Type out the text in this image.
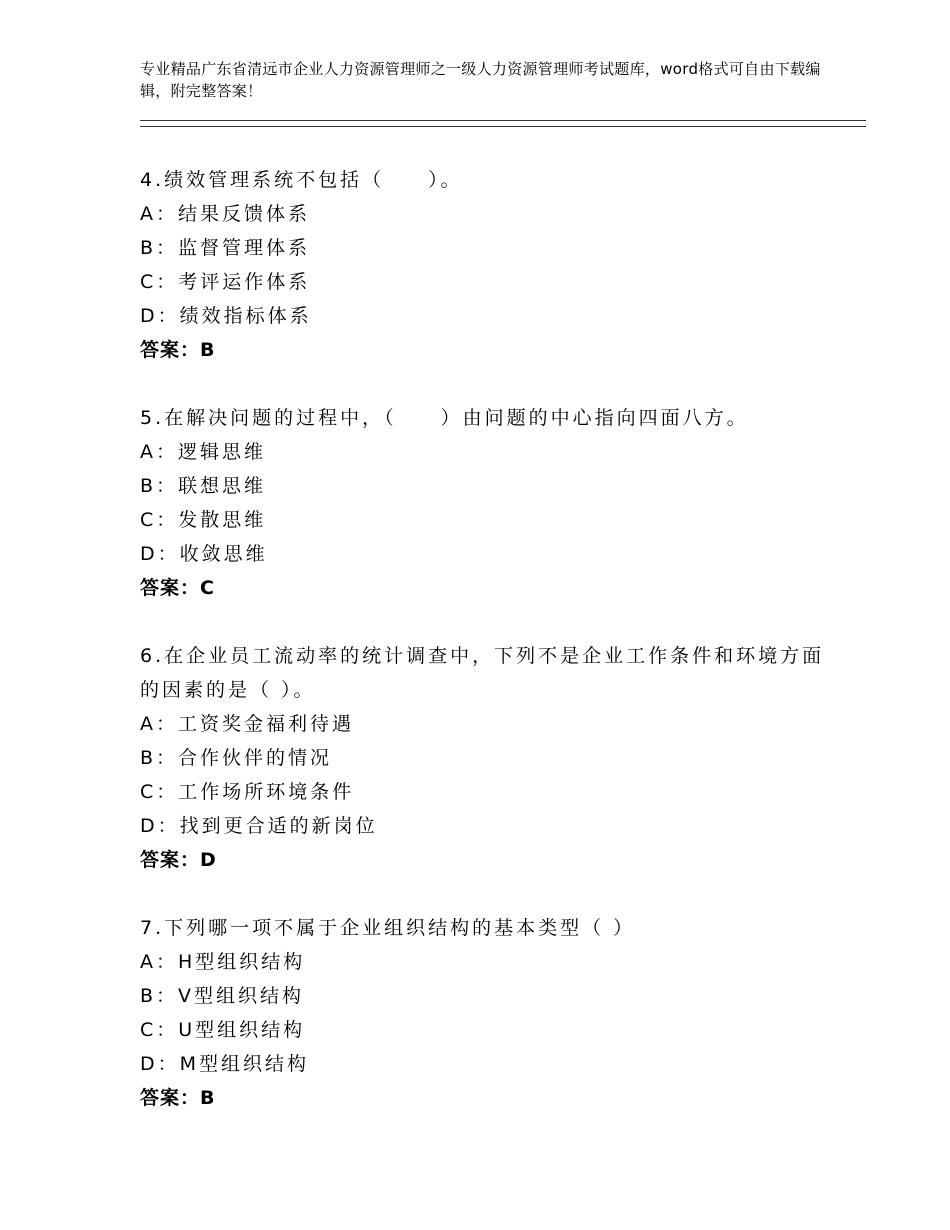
专业精品广东省清远市企业人力资源管理师之一级人力资源管理师考试题库，word格式可自由下载编辑，附完整答案！

4.绩效管理系统不包括（　　）。

A：结果反馈体系

B：监督管理体系

C：考评运作体系

D：绩效指标体系

答案：B

5.在解决问题的过程中，（　　）由问题的中心指向四面八方。

A：逻辑思维

B：联想思维

C：发散思维

D：收敛思维

答案：C

6.在企业员工流动率的统计调查中，下列不是企业工作条件和环境方面的因素的是（ ）。

A：工资奖金福利待遇

B：合作伙伴的情况

C：工作场所环境条件

D：找到更合适的新岗位

答案：D

7.下列哪一项不属于企业组织结构的基本类型（ ）

A：H型组织结构

B：V型组织结构

C：U型组织结构

D：M型组织结构

答案：B
